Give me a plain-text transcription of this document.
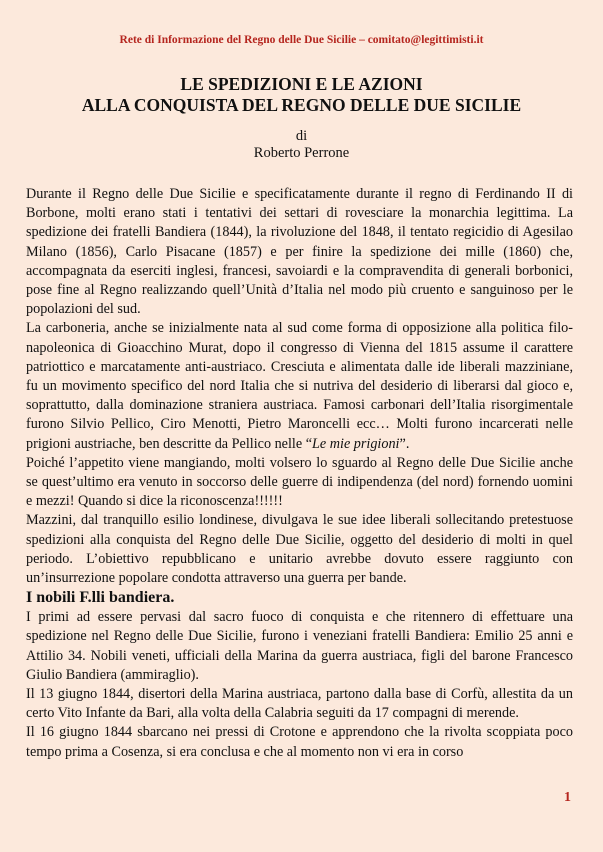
Rete di Informazione del Regno delle Due Sicilie – comitato@legittimisti.it
LE SPEDIZIONI E LE AZIONI
ALLA CONQUISTA DEL REGNO DELLE DUE SICILIE
di
Roberto Perrone

Durante il Regno delle Due Sicilie e specificatamente durante il regno di Ferdinando II di Borbone, molti erano stati i tentativi dei settari di rovesciare la monarchia legittima. La spedizione dei fratelli Bandiera (1844), la rivoluzione del 1848, il tentato regicidio di Agesilao Milano (1856), Carlo Pisacane (1857) e per finire la spedizione dei mille (1860) che, accompagnata da eserciti inglesi, francesi, savoiardi e la compravendita di generali borbonici, pose fine al Regno realizzando quell’Unità d’Italia nel modo più cruento e sanguinoso per le popolazioni del sud.

La carboneria, anche se inizialmente nata al sud come forma di opposizione alla politica filo-napoleonica di Gioacchino Murat, dopo il congresso di Vienna del 1815 assume il carattere patriottico e marcatamente anti-austriaco. Cresciuta e alimentata dalle ide liberali mazziniane, fu un movimento specifico del nord Italia che si nutriva del desiderio di liberarsi dal gioco e, soprattutto, dalla dominazione straniera austriaca. Famosi carbonari dell’Italia risorgimentale furono Silvio Pellico, Ciro Menotti, Pietro Maroncelli ecc… Molti furono incarcerati nelle prigioni austriache, ben descritte da Pellico nelle “Le mie prigioni”.

Poiché l’appetito viene mangiando, molti volsero lo sguardo al Regno delle Due Sicilie anche se quest’ultimo era venuto in soccorso delle guerre di indipendenza (del nord) fornendo uomini e mezzi! Quando si dice la riconoscenza!!!!!!

Mazzini, dal tranquillo esilio londinese, divulgava le sue idee liberali sollecitando pretestuose spedizioni alla conquista del Regno delle Due Sicilie, oggetto del desiderio di molti in quel periodo. L’obiettivo repubblicano e unitario avrebbe dovuto essere raggiunto con un’insurrezione popolare condotta attraverso una guerra per bande.

I nobili F.lli bandiera.

I primi ad essere pervasi dal sacro fuoco di conquista e che ritennero di effettuare una spedizione nel Regno delle Due Sicilie, furono i veneziani fratelli Bandiera: Emilio 25 anni e Attilio 34. Nobili veneti, ufficiali della Marina da guerra austriaca, figli del barone Francesco Giulio Bandiera (ammiraglio).

Il 13 giugno 1844, disertori della Marina austriaca, partono dalla base di Corfù, allestita da un certo Vito Infante da Bari, alla volta della Calabria seguiti da 17 compagni di merende.

Il 16 giugno 1844 sbarcano nei pressi di Crotone e apprendono che la rivolta scoppiata poco tempo prima a Cosenza, si era conclusa e che al momento non vi era in corso

1
